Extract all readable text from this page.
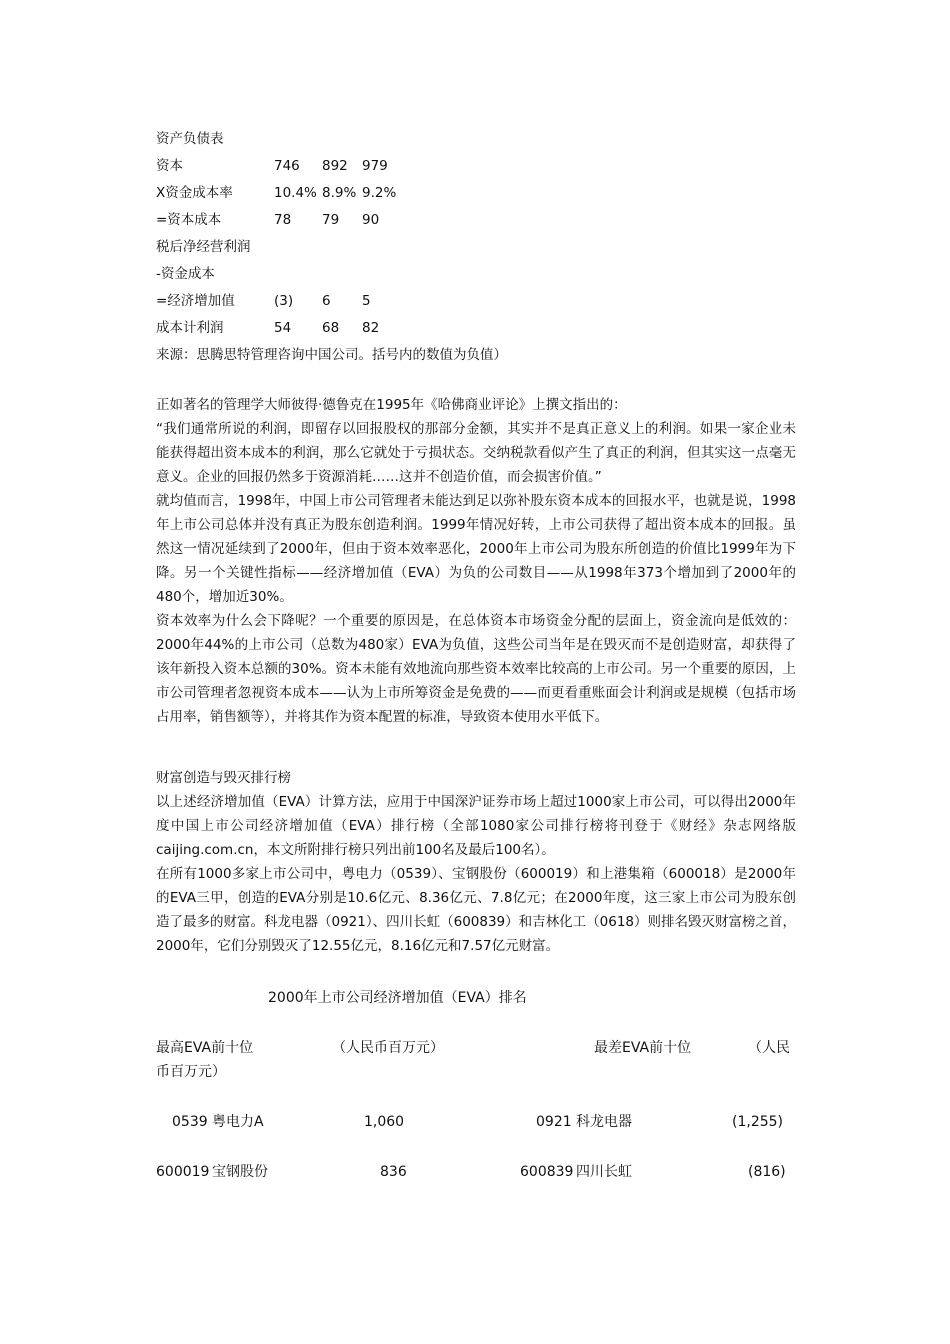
资产负债表
资本	746 892 979
X资金成本率	10.4% 8.9% 9.2%
=资本成本	78 79 90
税后净经营利润
-资金成本
=经济增加值	(3) 6 5
成本计利润	54 68 82
来源：思腾思特管理咨询中国公司。括号内的数值为负值）

正如著名的管理学大师彼得·德鲁克在1995年《哈佛商业评论》上撰文指出的：

“我们通常所说的利润，即留存以回报股权的那部分金额，其实并不是真正意义上的利润。如果一家企业未能获得超出资本成本的利润，那么它就处于亏损状态。交纳税款看似产生了真正的利润，但其实这一点毫无意义。企业的回报仍然多于资源消耗……这并不创造价值，而会损害价值。”

就均值而言，1998年，中国上市公司管理者未能达到足以弥补股东资本成本的回报水平，也就是说，1998年上市公司总体并没有真正为股东创造利润。1999年情况好转，上市公司获得了超出资本成本的回报。虽然这一情况延续到了2000年，但由于资本效率恶化，2000年上市公司为股东所创造的价值比1999年为下降。另一个关键性指标——经济增加值（EVA）为负的公司数目——从1998年373个增加到了2000年的480个，增加近30%。

资本效率为什么会下降呢？一个重要的原因是，在总体资本市场资金分配的层面上，资金流向是低效的：2000年44%的上市公司（总数为480家）EVA为负值，这些公司当年是在毁灭而不是创造财富，却获得了该年新投入资本总额的30%。资本未能有效地流向那些资本效率比较高的上市公司。另一个重要的原因，上市公司管理者忽视资本成本——认为上市所筹资金是免费的——而更看重账面会计利润或是规模（包括市场占用率，销售额等），并将其作为资本配置的标准，导致资本使用水平低下。

财富创造与毁灭排行榜

以上述经济增加值（EVA）计算方法，应用于中国深沪证券市场上超过1000家上市公司，可以得出2000年度中国上市公司经济增加值（EVA）排行榜（全部1080家公司排行榜将刊登于《财经》杂志网络版caijing.com.cn，本文所附排行榜只列出前100名及最后100名）。

在所有1000多家上市公司中，粤电力（0539）、宝钢股份（600019）和上港集箱（600018）是2000年的EVA三甲，创造的EVA分别是10.6亿元、8.36亿元、7.8亿元；在2000年度，这三家上市公司为股东创造了最多的财富。科龙电器（0921）、四川长虹（600839）和吉林化工（0618）则排名毁灭财富榜之首，2000年，它们分别毁灭了12.55亿元，8.16亿元和7.57亿元财富。

2000年上市公司经济增加值（EVA）排名
最高EVA前十位	（人民币百万元）	最差EVA前十位	（人民
币百万元）
0539 粤电力A	1,060	0921 科龙电器	(1,255)
600019 宝钢股份	836	600839 四川长虹	(816)
